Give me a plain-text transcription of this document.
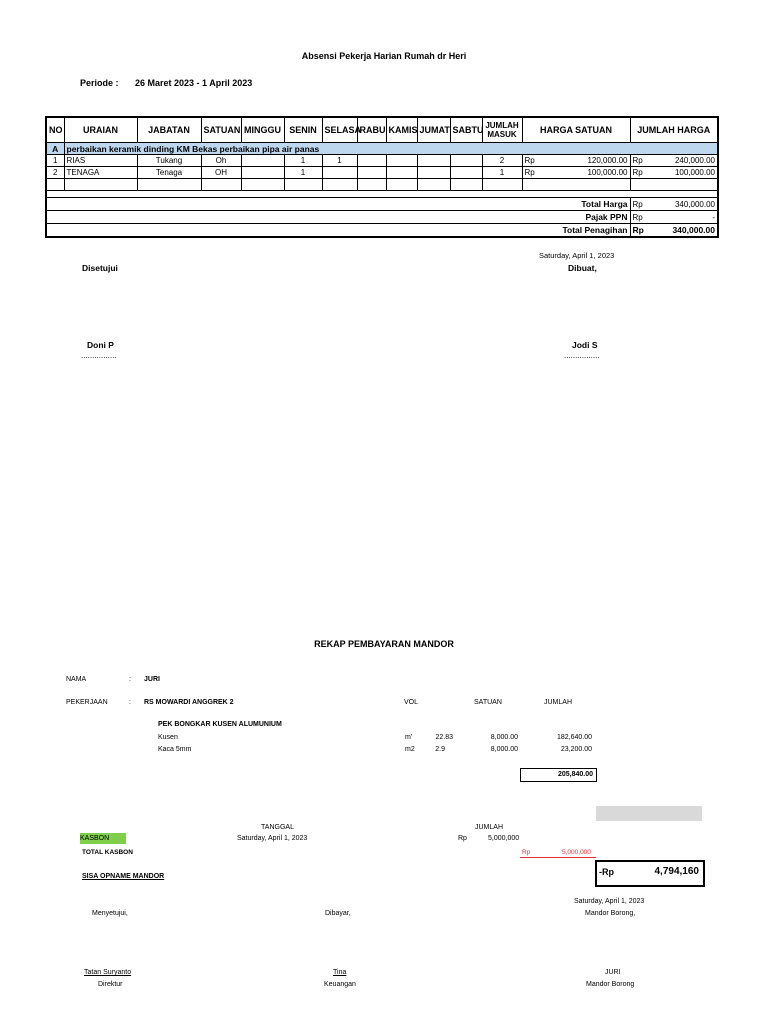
Absensi Pekerja Harian Rumah dr Heri
Periode : 26 Maret 2023 - 1 April 2023
NO	URAIAN	JABATAN	SATUAN	MINGGU	SENIN	SELASA	RABU	KAMIS	JUMAT	SABTU	JUMLAH MASUK	HARGA SATUAN	JUMLAH HARGA
A	perbaikan keramik dinding KM Bekas perbaikan pipa air panas												
1	RIAS	Tukang	Oh		1	1					2	Rp 120,000.00	Rp 240,000.00

2	TENAGA	Tenaga	OH		1						1	Rp 100,000.00	Rp 100,000.00

Total Harga													Rp 340,000.00

Pajak PPN													Rp -

Total Penagihan													Rp 340,000.00
Saturday, April 1, 2023
Disetujui	Dibuat,
Doni P	Jodi S
................	................
REKAP PEMBAYARAN MANDOR
NAMA	: JURI
PEKERJAAN	: RS MOWARDI ANGGREK 2	VOL	SATUAN	JUMLAH
PEK BONGKAR KUSEN ALUMUNIUM
Kusen	m'	22.83	8,000.00	182,640.00
Kaca 5mm	m2	2.9	8,000.00	23,200.00
205,840.00
TANGGAL	JUMLAH
KASBON	Saturday, April 1, 2023	Rp	5,000,000
TOTAL KASBON	Rp	5,000,000
SISA OPNAME MANDOR	-Rp	4,794,160
Saturday, April 1, 2023
Menyetujui,	Dibayar,	Mandor Borong,
Tatan Suryanto	Tina	JURI
Direktur	Keuangan	Mandor Borong
